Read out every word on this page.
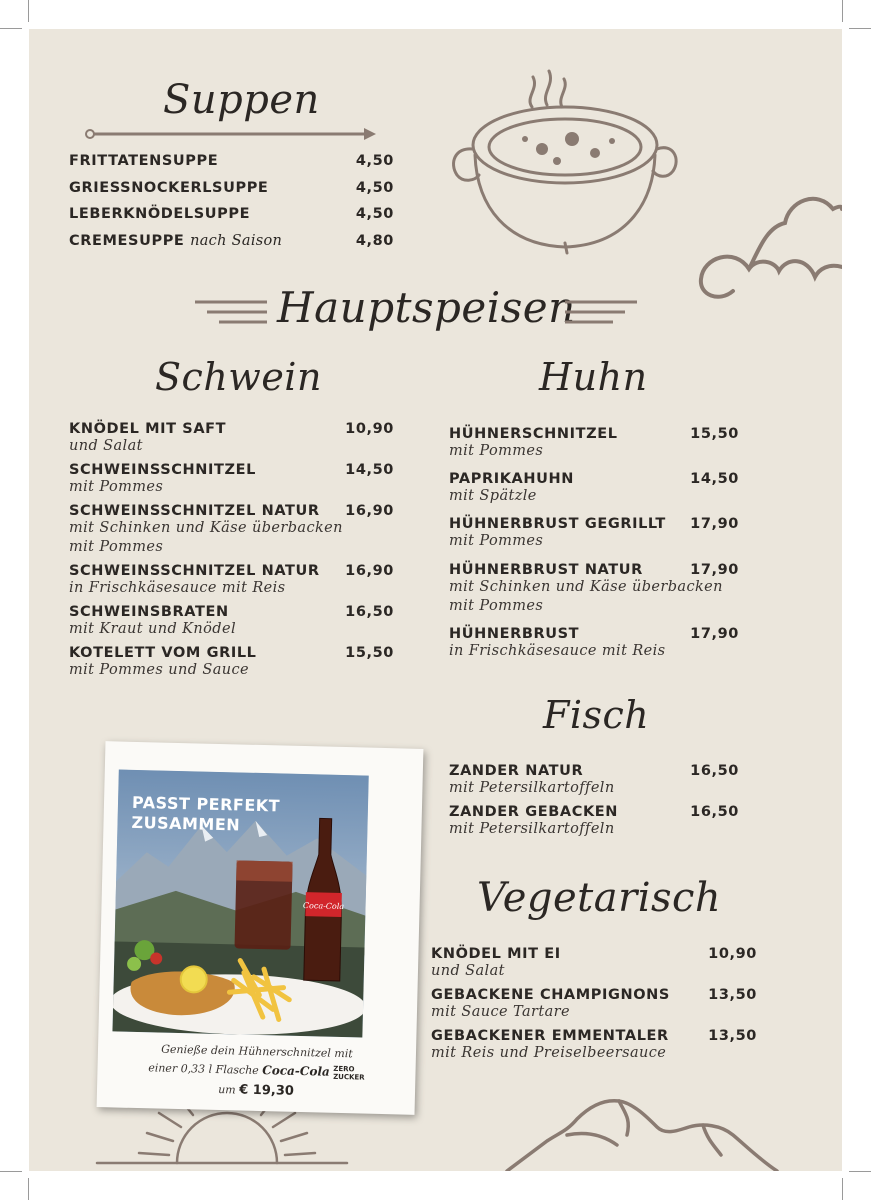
Suppen
FRITTATENSUPPE	4,50
GRIESSNOCKERLSUPPE	4,50
LEBERKNÖDELSUPPE	4,50
CREMESUPPE nach Saison	4,80
Hauptspeisen
Schwein
KNÖDEL MIT SAFT	10,90
und Salat
SCHWEINSSCHNITZEL	14,50
mit Pommes
SCHWEINSSCHNITZEL NATUR	16,90
mit Schinken und Käse überbacken
mit Pommes
SCHWEINSSCHNITZEL NATUR	16,90
in Frischkäsesauce mit Reis
SCHWEINSBRATEN	16,50
mit Kraut und Knödel
KOTELETT VOM GRILL	15,50
mit Pommes und Sauce
Huhn
HÜHNERSCHNITZEL	15,50
mit Pommes
PAPRIKAHUHN	14,50
mit Spätzle
HÜHNERBRUST GEGRILLT	17,90
mit Pommes
HÜHNERBRUST NATUR	17,90
mit Schinken und Käse überbacken
mit Pommes
HÜHNERBRUST	17,90
in Frischkäsesauce mit Reis
Fisch
ZANDER NATUR	16,50
mit Petersilkartoffeln
ZANDER GEBACKEN	16,50
mit Petersilkartoffeln
Vegetarisch
KNÖDEL MIT EI	10,90
und Salat
GEBACKENE CHAMPIGNONS	13,50
mit Sauce Tartare
GEBACKENER EMMENTALER	13,50
mit Reis und Preiselbeersauce
Coca-Cola
PASST PERFEKT
ZUSAMMEN
Genieße dein Hühnerschnitzel mit
einer 0,33 l Flasche Coca-Cola ZERO
ZUCKER
um € 19,30
